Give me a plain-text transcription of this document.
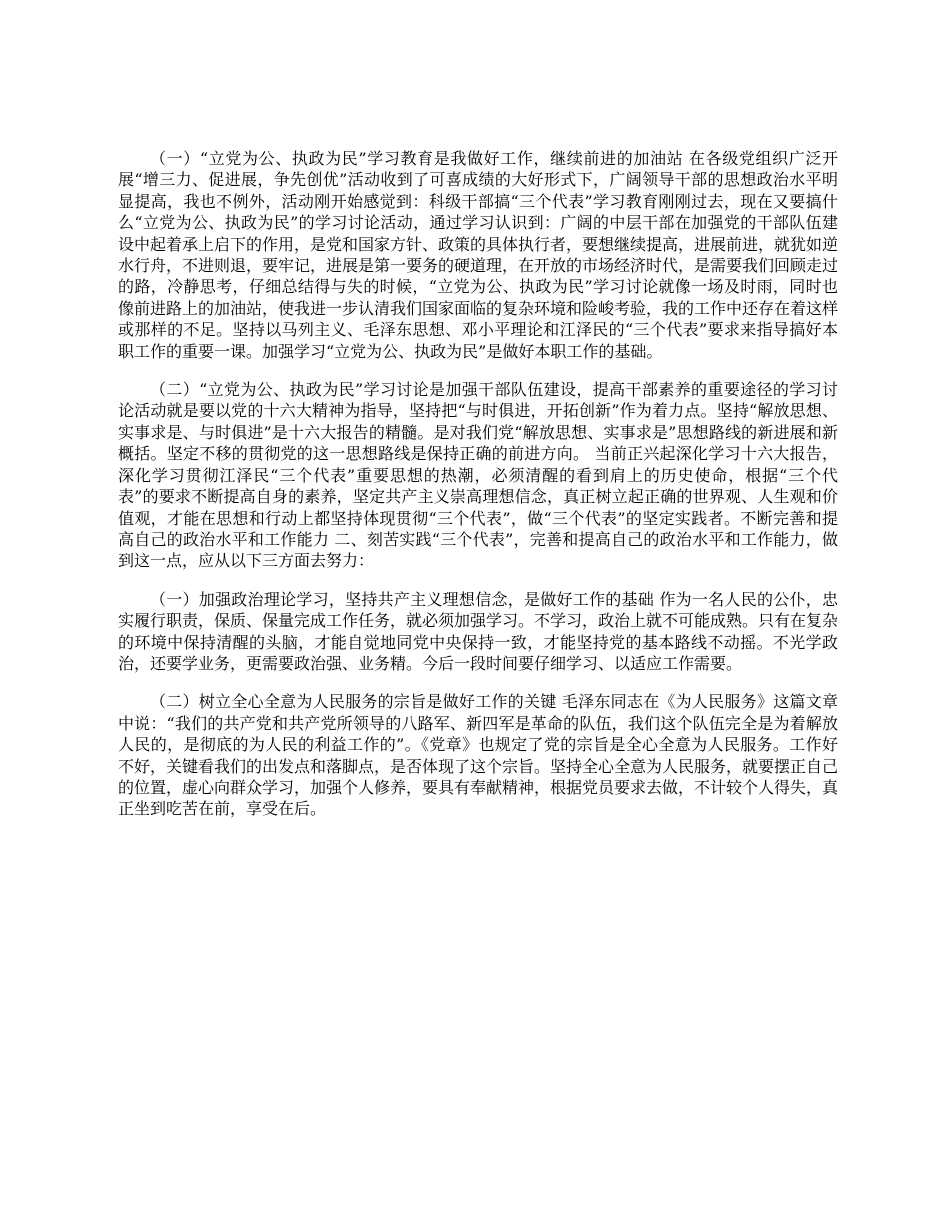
（一）“立党为公、执政为民”学习教育是我做好工作，继续前进的加油站 在各级党组织广泛开展“增三力、促进展，争先创优”活动收到了可喜成绩的大好形式下，广阔领导干部的思想政治水平明显提高，我也不例外，活动刚开始感觉到：科级干部搞“三个代表”学习教育刚刚过去，现在又要搞什么“立党为公、执政为民”的学习讨论活动，通过学习认识到：广阔的中层干部在加强党的干部队伍建设中起着承上启下的作用，是党和国家方针、政策的具体执行者，要想继续提高，进展前进，就犹如逆水行舟，不进则退，要牢记，进展是第一要务的硬道理，在开放的市场经济时代，是需要我们回顾走过的路，冷静思考，仔细总结得与失的时候，“立党为公、执政为民”学习讨论就像一场及时雨，同时也像前进路上的加油站，使我进一步认清我们国家面临的复杂环境和险峻考验，我的工作中还存在着这样或那样的不足。坚持以马列主义、毛泽东思想、邓小平理论和江泽民的“三个代表”要求来指导搞好本职工作的重要一课。加强学习“立党为公、执政为民”是做好本职工作的基础。

（二）“立党为公、执政为民”学习讨论是加强干部队伍建设，提高干部素养的重要途径的学习讨论活动就是要以党的十六大精神为指导，坚持把“与时俱进，开拓创新”作为着力点。坚持“解放思想、实事求是、与时俱进”是十六大报告的精髓。是对我们党“解放思想、实事求是”思想路线的新进展和新概括。坚定不移的贯彻党的这一思想路线是保持正确的前进方向。 当前正兴起深化学习十六大报告，深化学习贯彻江泽民“三个代表”重要思想的热潮，必须清醒的看到肩上的历史使命，根据“三个代表”的要求不断提高自身的素养，坚定共产主义崇高理想信念，真正树立起正确的世界观、人生观和价值观，才能在思想和行动上都坚持体现贯彻“三个代表”，做“三个代表”的坚定实践者。不断完善和提高自己的政治水平和工作能力 二、刻苦实践“三个代表”，完善和提高自己的政治水平和工作能力，做到这一点，应从以下三方面去努力：

（一）加强政治理论学习，坚持共产主义理想信念，是做好工作的基础 作为一名人民的公仆，忠实履行职责，保质、保量完成工作任务，就必须加强学习。不学习，政治上就不可能成熟。只有在复杂的环境中保持清醒的头脑，才能自觉地同党中央保持一致，才能坚持党的基本路线不动摇。不光学政治，还要学业务，更需要政治强、业务精。今后一段时间要仔细学习、以适应工作需要。

（二）树立全心全意为人民服务的宗旨是做好工作的关键 毛泽东同志在《为人民服务》这篇文章中说：“我们的共产党和共产党所领导的八路军、新四军是革命的队伍，我们这个队伍完全是为着解放人民的，是彻底的为人民的利益工作的”。《党章》也规定了党的宗旨是全心全意为人民服务。工作好不好，关键看我们的出发点和落脚点，是否体现了这个宗旨。坚持全心全意为人民服务，就要摆正自己的位置，虚心向群众学习，加强个人修养，要具有奉献精神，根据党员要求去做，不计较个人得失，真正坐到吃苦在前，享受在后。
